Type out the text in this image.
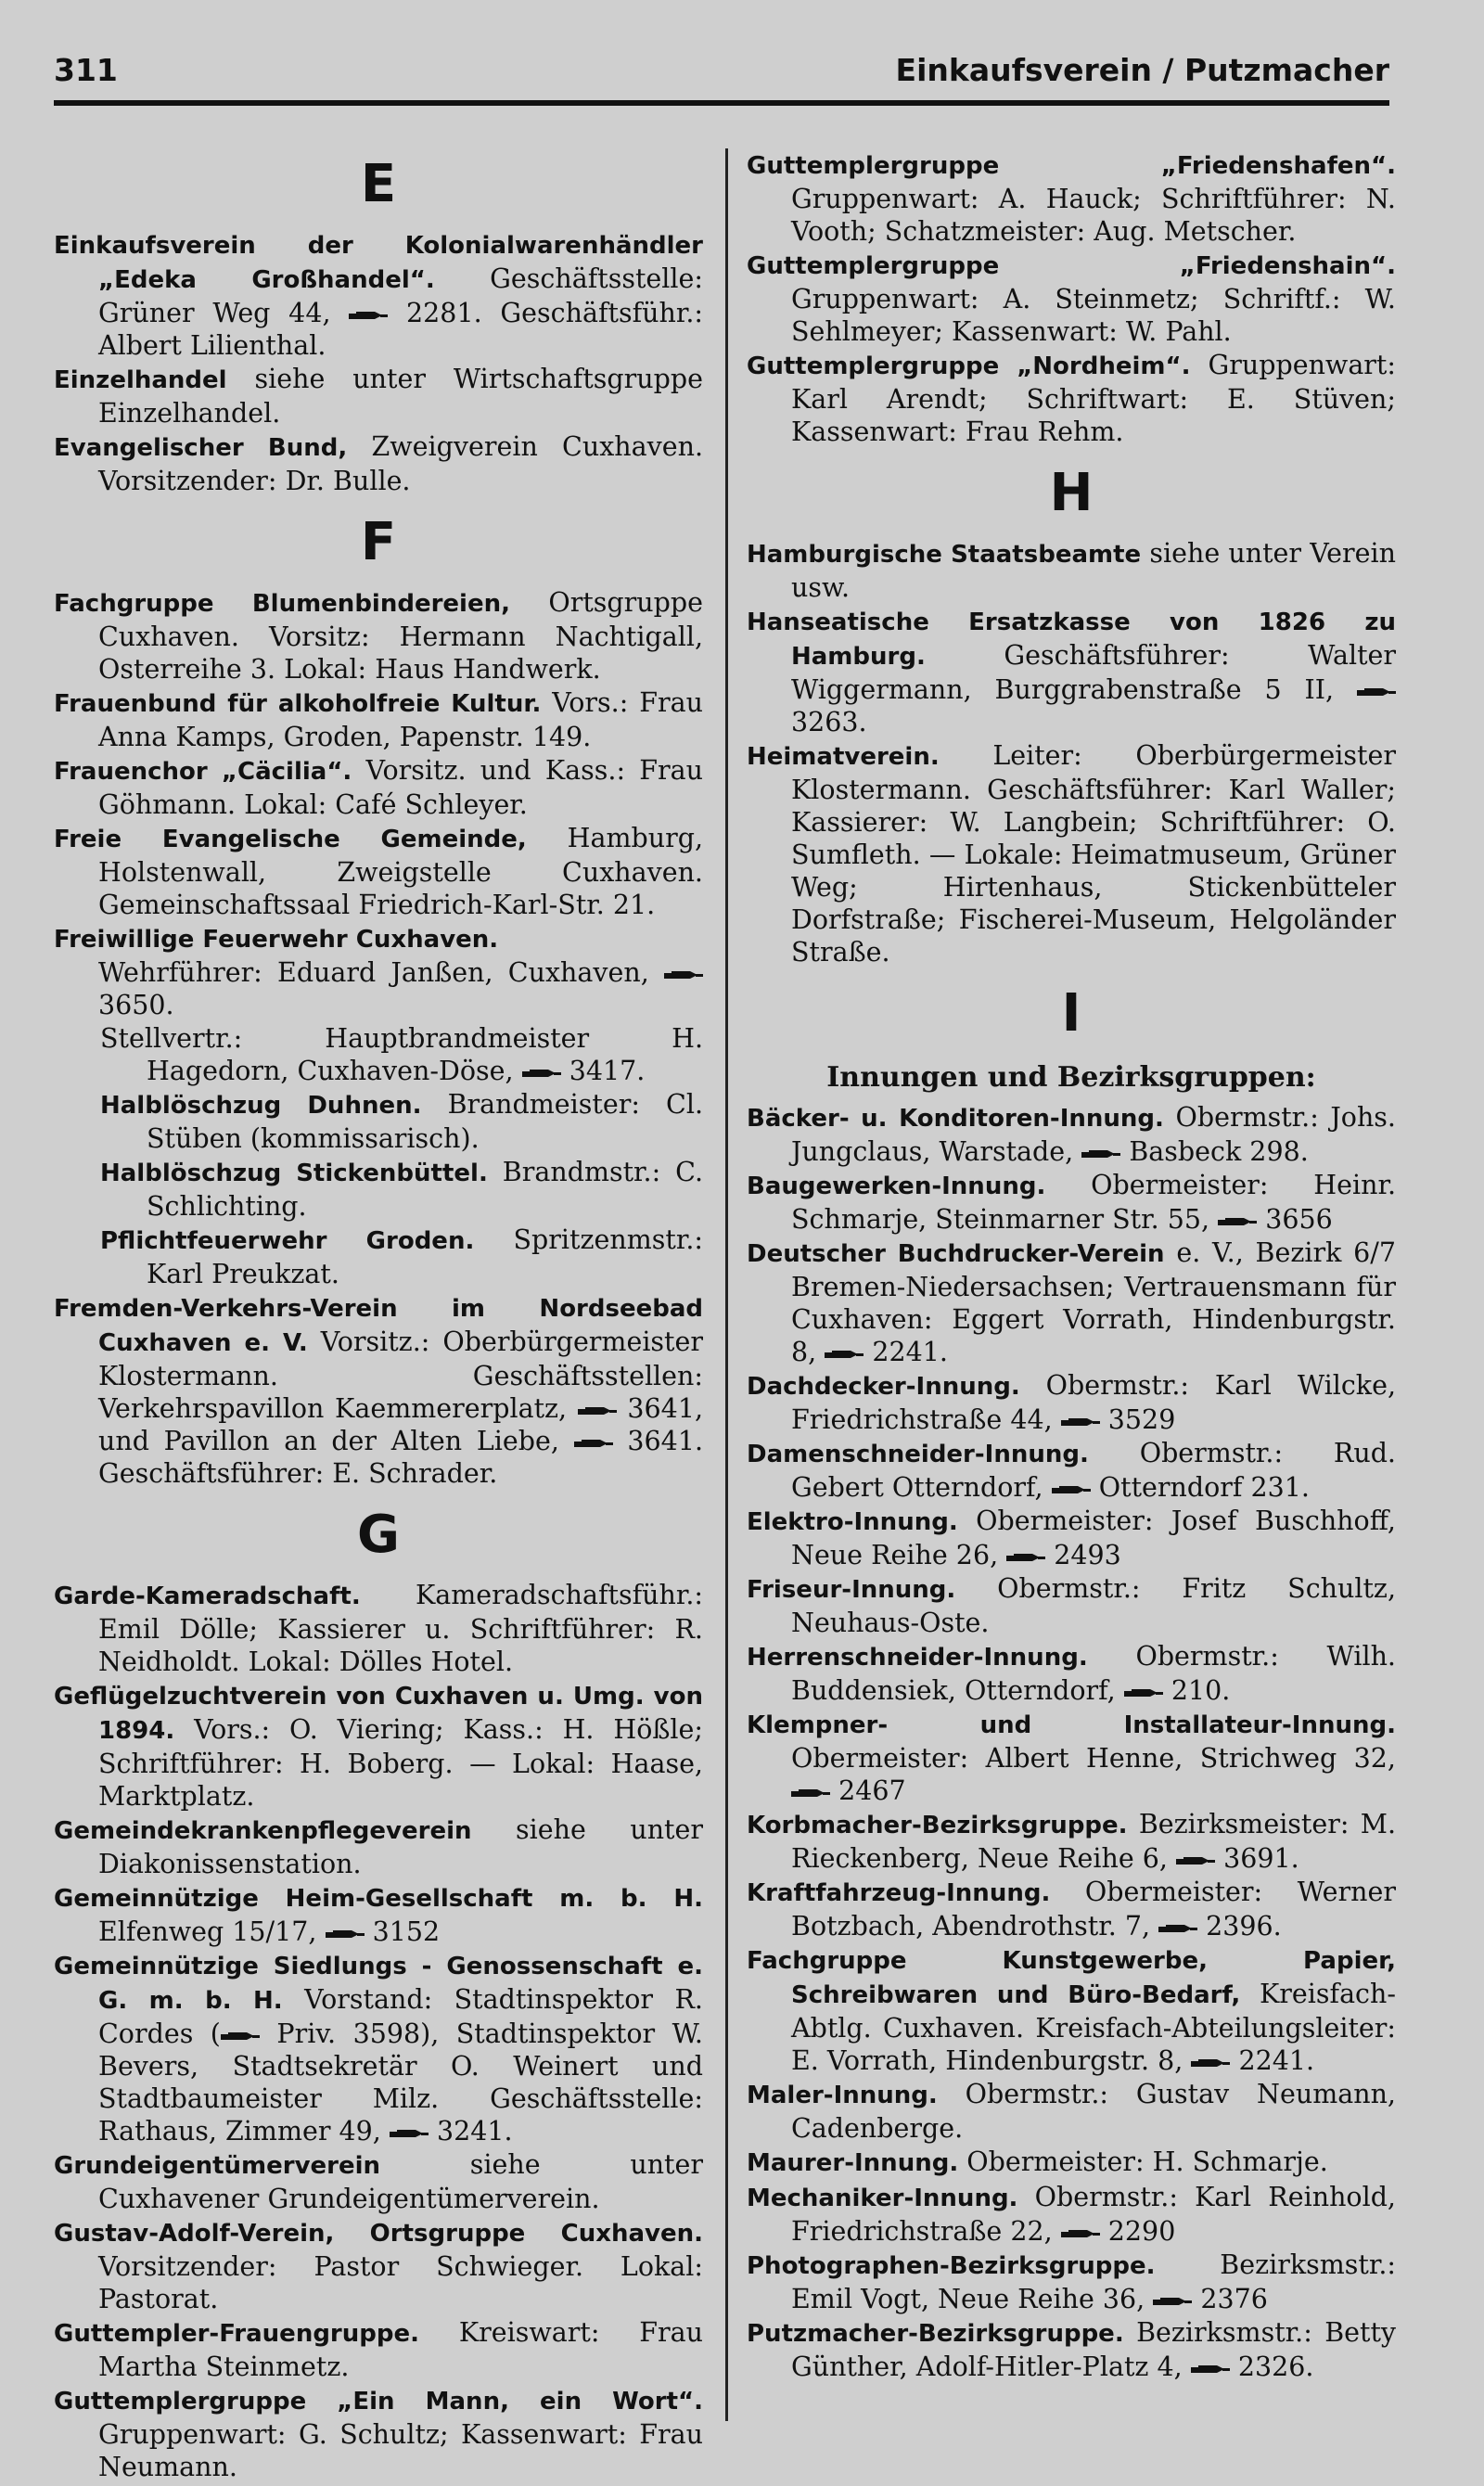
311	Einkaufsverein / Putzmacher
E

Einkaufsverein der Kolonialwarenhändler „Edeka Großhandel“. Geschäftsstelle: Grüner Weg 44,	2281. Geschäftsführ.: Albert Lilienthal.

Einzelhandel siehe unter Wirtschaftsgruppe Einzelhandel.

Evangelischer Bund, Zweigverein Cuxhaven. Vorsitzender: Dr. Bulle.

F

Fachgruppe Blumenbindereien, Ortsgruppe Cuxhaven. Vorsitz: Hermann Nachtigall, Osterreihe 3. Lokal: Haus Handwerk.

Frauenbund für alkoholfreie Kultur. Vors.: Frau Anna Kamps, Groden, Papenstr. 149.

Frauenchor „Cäcilia“. Vorsitz. und Kass.: Frau Göhmann. Lokal: Café Schleyer.

Freie Evangelische Gemeinde, Hamburg, Holstenwall, Zweigstelle Cuxhaven. Gemeinschaftssaal Friedrich-Karl-Str. 21.

Freiwillige Feuerwehr Cuxhaven.
Wehrführer: Eduard Janßen, Cuxhaven,  3650.

Stellvertr.: Hauptbrandmeister H. Hagedorn, Cuxhaven-Döse, 3417.

Halblöschzug Duhnen. Brandmeister: Cl. Stüben (kommissarisch).

Halblöschzug Stickenbüttel. Brandmstr.: C. Schlichting.

Pflichtfeuerwehr Groden. Spritzenmstr.: Karl Preukzat.

Fremden-Verkehrs-Verein im Nordseebad Cuxhaven e. V. Vorsitz.: Oberbürgermeister Klostermann. Geschäftsstellen: Verkehrspavillon Kaemmererplatz, 3641, und Pavillon an der Alten Liebe,	3641. Geschäftsführer: E. Schrader.

G

Garde-Kameradschaft. Kameradschaftsführ.: Emil Dölle; Kassierer u. Schriftführer: R. Neidholdt. Lokal: Dölles Hotel.

Geflügelzuchtverein von Cuxhaven u. Umg. von 1894. Vors.: O. Viering; Kass.: H. Hößle; Schriftführer: H. Boberg. — Lokal: Haase, Marktplatz.

Gemeindekrankenpflegeverein siehe unter Diakonissenstation.

Gemeinnützige Heim-Gesellschaft m. b. H. Elfenweg 15/17, 3152

Gemeinnützige Siedlungs - Genossenschaft e. G. m. b. H. Vorstand: Stadtinspektor R. Cordes ( Priv. 3598), Stadtinspektor W. Bevers, Stadtsekretär O. Weinert und Stadtbaumeister Milz. Geschäftsstelle: Rathaus, Zimmer 49, 3241.

Grundeigentümerverein	siehe unter Cuxhavener Grundeigentümerverein.

Gustav-Adolf-Verein, Ortsgruppe Cuxhaven. Vorsitzender: Pastor Schwieger. Lokal: Pastorat.

Guttempler-Frauengruppe. Kreiswart: Frau Martha Steinmetz.

Guttemplergruppe „Ein Mann, ein Wort“. Gruppenwart: G. Schultz; Kassenwart: Frau Neumann.

Guttemplergruppe „Friedenshafen“. Gruppenwart: A. Hauck; Schriftführer: N. Vooth; Schatzmeister: Aug. Metscher.

Guttemplergruppe „Friedenshain“. Gruppenwart: A. Steinmetz; Schriftf.: W. Sehlmeyer; Kassenwart: W. Pahl.

Guttemplergruppe „Nordheim“. Gruppenwart: Karl Arendt; Schriftwart: E. Stüven; Kassenwart: Frau Rehm.

H

Hamburgische Staatsbeamte siehe unter Verein usw.

Hanseatische Ersatzkasse von 1826 zu Hamburg.	Geschäftsführer: Walter Wiggermann, Burggrabenstraße 5 II,  3263.

Heimatverein. Leiter: Oberbürgermeister Klostermann. Geschäftsführer: Karl Waller; Kassierer: W. Langbein; Schriftführer: O. Sumfleth. — Lokale: Heimatmuseum, Grüner Weg; Hirtenhaus, Stickenbütteler Dorfstraße; Fischerei-Museum, Helgoländer Straße.

I
Innungen und Bezirksgruppen:

Bäcker- u. Konditoren-Innung. Obermstr.: Johs. Jungclaus, Warstade, Basbeck 298.

Baugewerken-Innung. Obermeister: Heinr. Schmarje, Steinmarner Str. 55, 3656

Deutscher Buchdrucker-Verein e. V., Bezirk 6/7 Bremen-Niedersachsen; Vertrauensmann für Cuxhaven: Eggert Vorrath, Hindenburgstr. 8, 2241.

Dachdecker-Innung. Obermstr.: Karl Wilcke, Friedrichstraße 44, 3529

Damenschneider-Innung. Obermstr.: Rud. Gebert Otterndorf, Otterndorf 231.

Elektro-Innung. Obermeister: Josef Buschhoff, Neue Reihe 26, 2493

Friseur-Innung. Obermstr.: Fritz Schultz, Neuhaus-Oste.

Herrenschneider-Innung. Obermstr.: Wilh. Buddensiek, Otterndorf, 210.

Klempner- und Installateur-Innung. Obermeister: Albert Henne, Strichweg 32,  2467

Korbmacher-Bezirksgruppe. Bezirksmeister: M. Rieckenberg, Neue Reihe 6, 3691.

Kraftfahrzeug-Innung. Obermeister: Werner Botzbach, Abendrothstr. 7, 2396.

Fachgruppe Kunstgewerbe, Papier, Schreibwaren und Büro-Bedarf, Kreisfach-Abtlg. Cuxhaven. Kreisfach-Abteilungsleiter: E. Vorrath, Hindenburgstr. 8, 2241.

Maler-Innung. Obermstr.: Gustav Neumann, Cadenberge.

Maurer-Innung. Obermeister: H. Schmarje.

Mechaniker-Innung. Obermstr.: Karl Reinhold, Friedrichstraße 22, 2290

Photographen-Bezirksgruppe. Bezirksmstr.: Emil Vogt, Neue Reihe 36, 2376

Putzmacher-Bezirksgruppe. Bezirksmstr.: Betty Günther, Adolf-Hitler-Platz 4, 2326.
